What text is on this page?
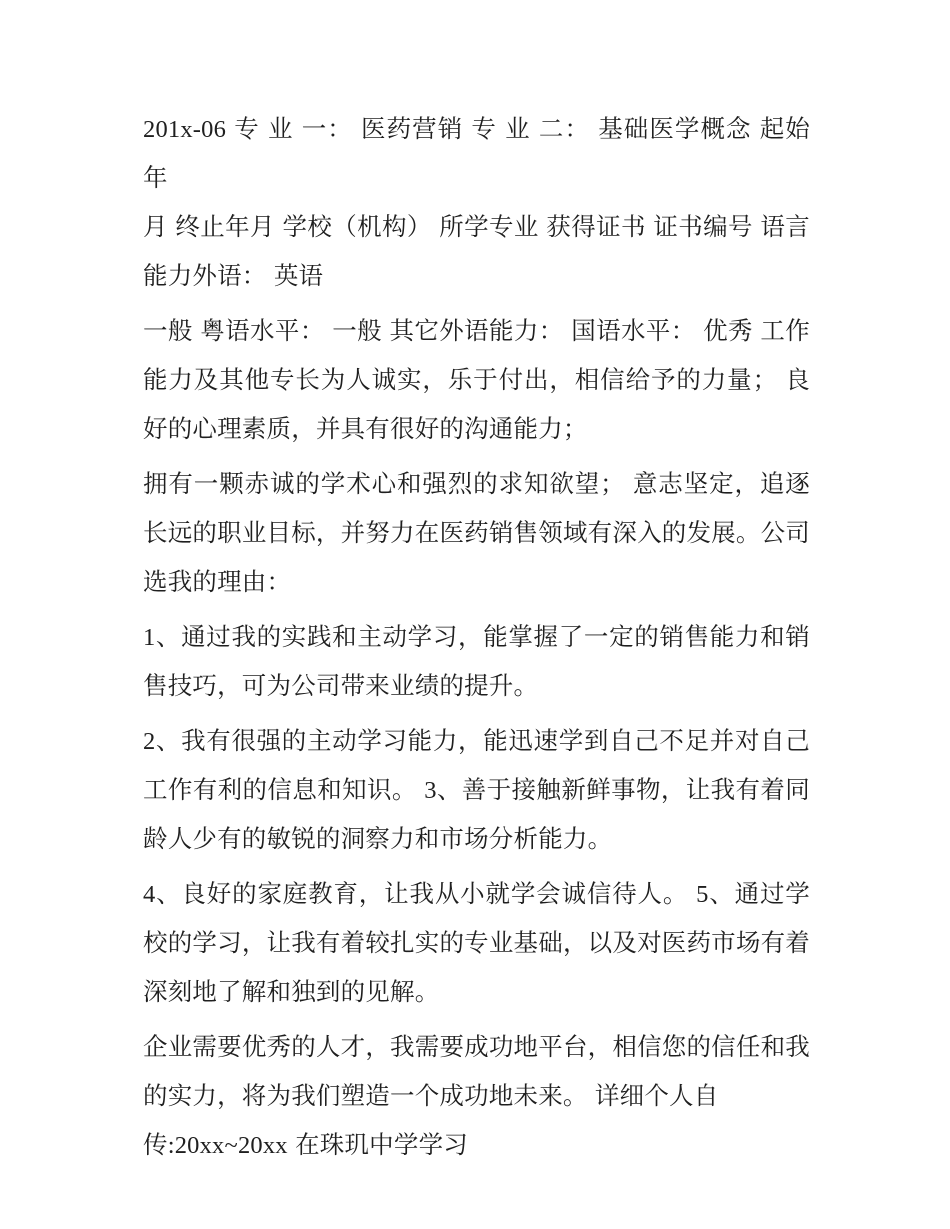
201x-06 专 业 一： 医药营销 专 业 二： 基础医学概念 起始年
月 终止年月 学校（机构） 所学专业 获得证书 证书编号 语言
能力外语： 英语
一般 粤语水平： 一般 其它外语能力： 国语水平： 优秀 工作
能力及其他专长为人诚实，乐于付出，相信给予的力量； 良
好的心理素质，并具有很好的沟通能力；
拥有一颗赤诚的学术心和强烈的求知欲望； 意志坚定，追逐
长远的职业目标，并努力在医药销售领域有深入的发展。公司
选我的理由：
1、通过我的实践和主动学习，能掌握了一定的销售能力和销
售技巧，可为公司带来业绩的提升。
2、我有很强的主动学习能力，能迅速学到自己不足并对自己
工作有利的信息和知识。 3、善于接触新鲜事物，让我有着同
龄人少有的敏锐的洞察力和市场分析能力。
4、良好的家庭教育，让我从小就学会诚信待人。 5、通过学
校的学习，让我有着较扎实的专业基础，以及对医药市场有着
深刻地了解和独到的见解。
企业需要优秀的人才，我需要成功地平台，相信您的信任和我
的实力，将为我们塑造一个成功地未来。 详细个人自
传:20xx~20xx 在珠玑中学学习
